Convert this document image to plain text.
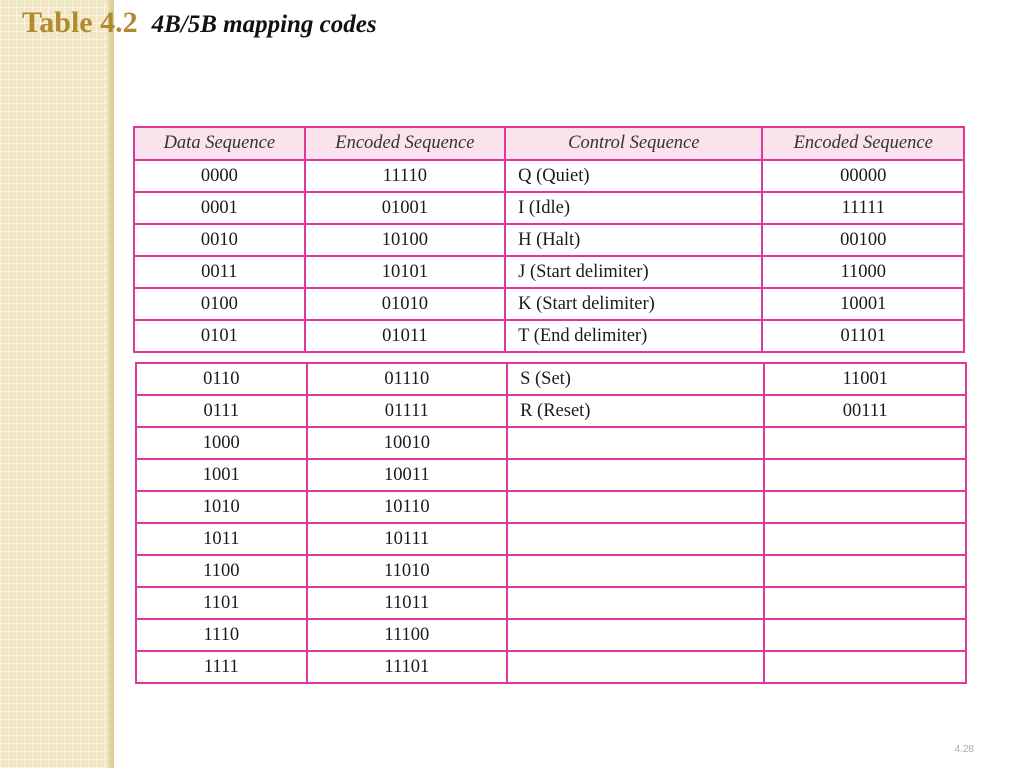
Table 4.2 4B/5B mapping codes
Data Sequence	Encoded Sequence	Control Sequence	Encoded Sequence
0000	11110	Q (Quiet)	00000
0001	01001	I (Idle)	11111
0010	10100	H (Halt)	00100
0011	10101	J (Start delimiter)	11000
0100	01010	K (Start delimiter)	10001
0101	01011	T (End delimiter)	01101
0110	01110	S (Set)	11001
0111	01111	R (Reset)	00111
1000	10010		
1001	10011		
1010	10110		
1011	10111		
1100	11010		
1101	11011		
1110	11100		
1111	11101		
4.28
